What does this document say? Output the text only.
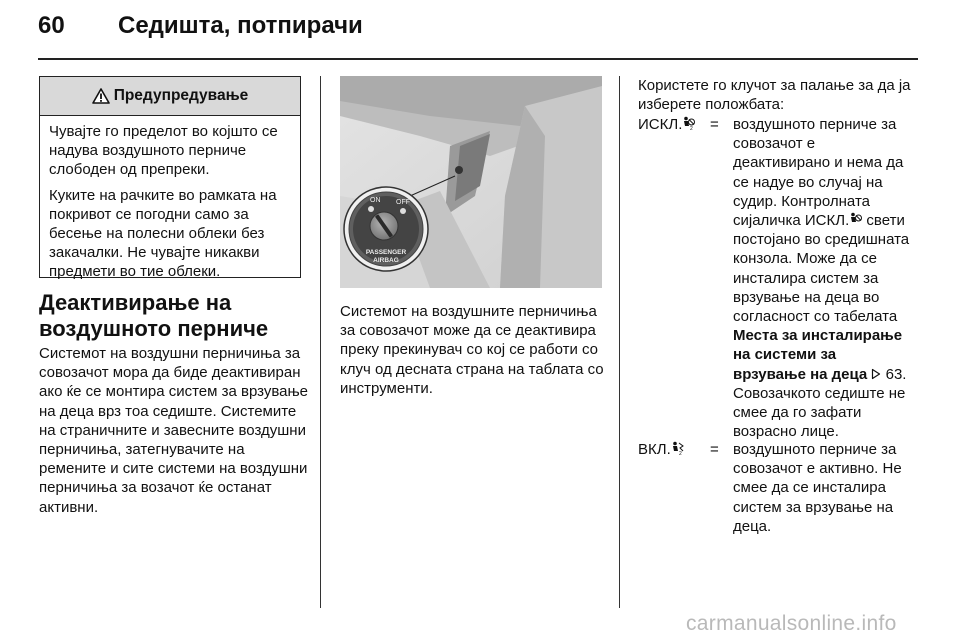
60 Седишта, потпирачи
Предупредување

Чувајте го пределот во којшто се надува воздушното перниче слободен од препреки.

Куките на рачките во рамката на покривот се погодни само за бесење на полесни облеки без закачалки. Не чувајте никакви предмети во тие облеки.

Деактивирање на воздушното перниче
Системот на воздушни перничиња за совозачот мора да биде деактивиран ако ќе се монтира систем за врзување на деца врз тоа седиште. Системите на страничните и завесните воздушни перничиња, затегнувачите на ремените и сите системи на воздушни перничиња за возачот ќе останат активни.
ON OFF
PASSENGER
AIRBAG
Системот на воздушните перничиња за совозачот може да се деактивира преку прекинувач со кој се работи со клуч од десната страна на таблата со инструменти.
Користете го клучот за палање за да ја изберете положбата:
ИСКЛ. 2 = воздушното перниче за совозачот е деактивирано и нема да се надуе во случај на судир. Контролната сијаличка ИСКЛ. свети постојано во средишната конзола. Може да се инсталира систем за врзување на деца во согласност со табелата Места за инсталирање на системи за врзување на деца  63.
Совозачкото седиште не смее да го зафати возрасно лице.
ВКЛ. 2 = воздушното перниче за совозачот е активно. Не смее да се инсталира систем за врзување на деца.
carmanualsonline.info
